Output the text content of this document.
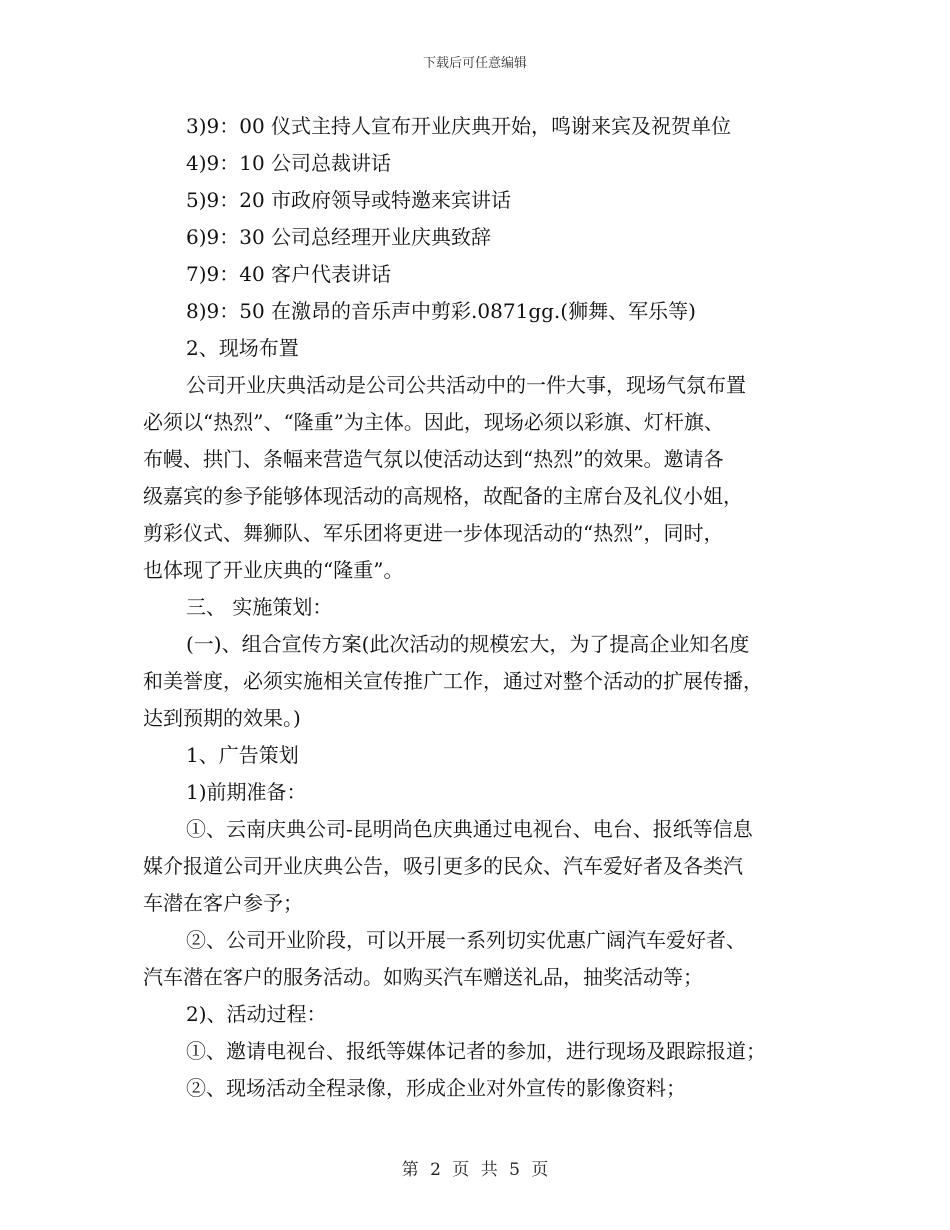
下载后可任意编辑
3)9：00 仪式主持人宣布开业庆典开始，鸣谢来宾及祝贺单位
4)9：10 公司总裁讲话
5)9：20 市政府领导或特邀来宾讲话
6)9：30 公司总经理开业庆典致辞
7)9：40 客户代表讲话
8)9：50 在激昂的音乐声中剪彩.0871gg.(狮舞、军乐等)
2、现场布置
公司开业庆典活动是公司公共活动中的一件大事，现场气氛布置
必须以“热烈”、“隆重”为主体。因此，现场必须以彩旗、灯杆旗、
布幔、拱门、条幅来营造气氛以使活动达到“热烈”的效果。邀请各
级嘉宾的参予能够体现活动的高规格，故配备的主席台及礼仪小姐，
剪彩仪式、舞狮队、军乐团将更进一步体现活动的“热烈”，同时，
也体现了开业庆典的“隆重”。
三、 实施策划：
(一)、组合宣传方案(此次活动的规模宏大，为了提高企业知名度
和美誉度，必须实施相关宣传推广工作，通过对整个活动的扩展传播，
达到预期的效果。)
1、广告策划
1)前期准备：
①、云南庆典公司-昆明尚色庆典通过电视台、电台、报纸等信息
媒介报道公司开业庆典公告，吸引更多的民众、汽车爱好者及各类汽
车潜在客户参予；
②、公司开业阶段，可以开展一系列切实优惠广阔汽车爱好者、
汽车潜在客户的服务活动。如购买汽车赠送礼品，抽奖活动等；
2)、活动过程：
①、邀请电视台、报纸等媒体记者的参加，进行现场及跟踪报道；
②、现场活动全程录像，形成企业对外宣传的影像资料；
第 2 页 共 5 页
